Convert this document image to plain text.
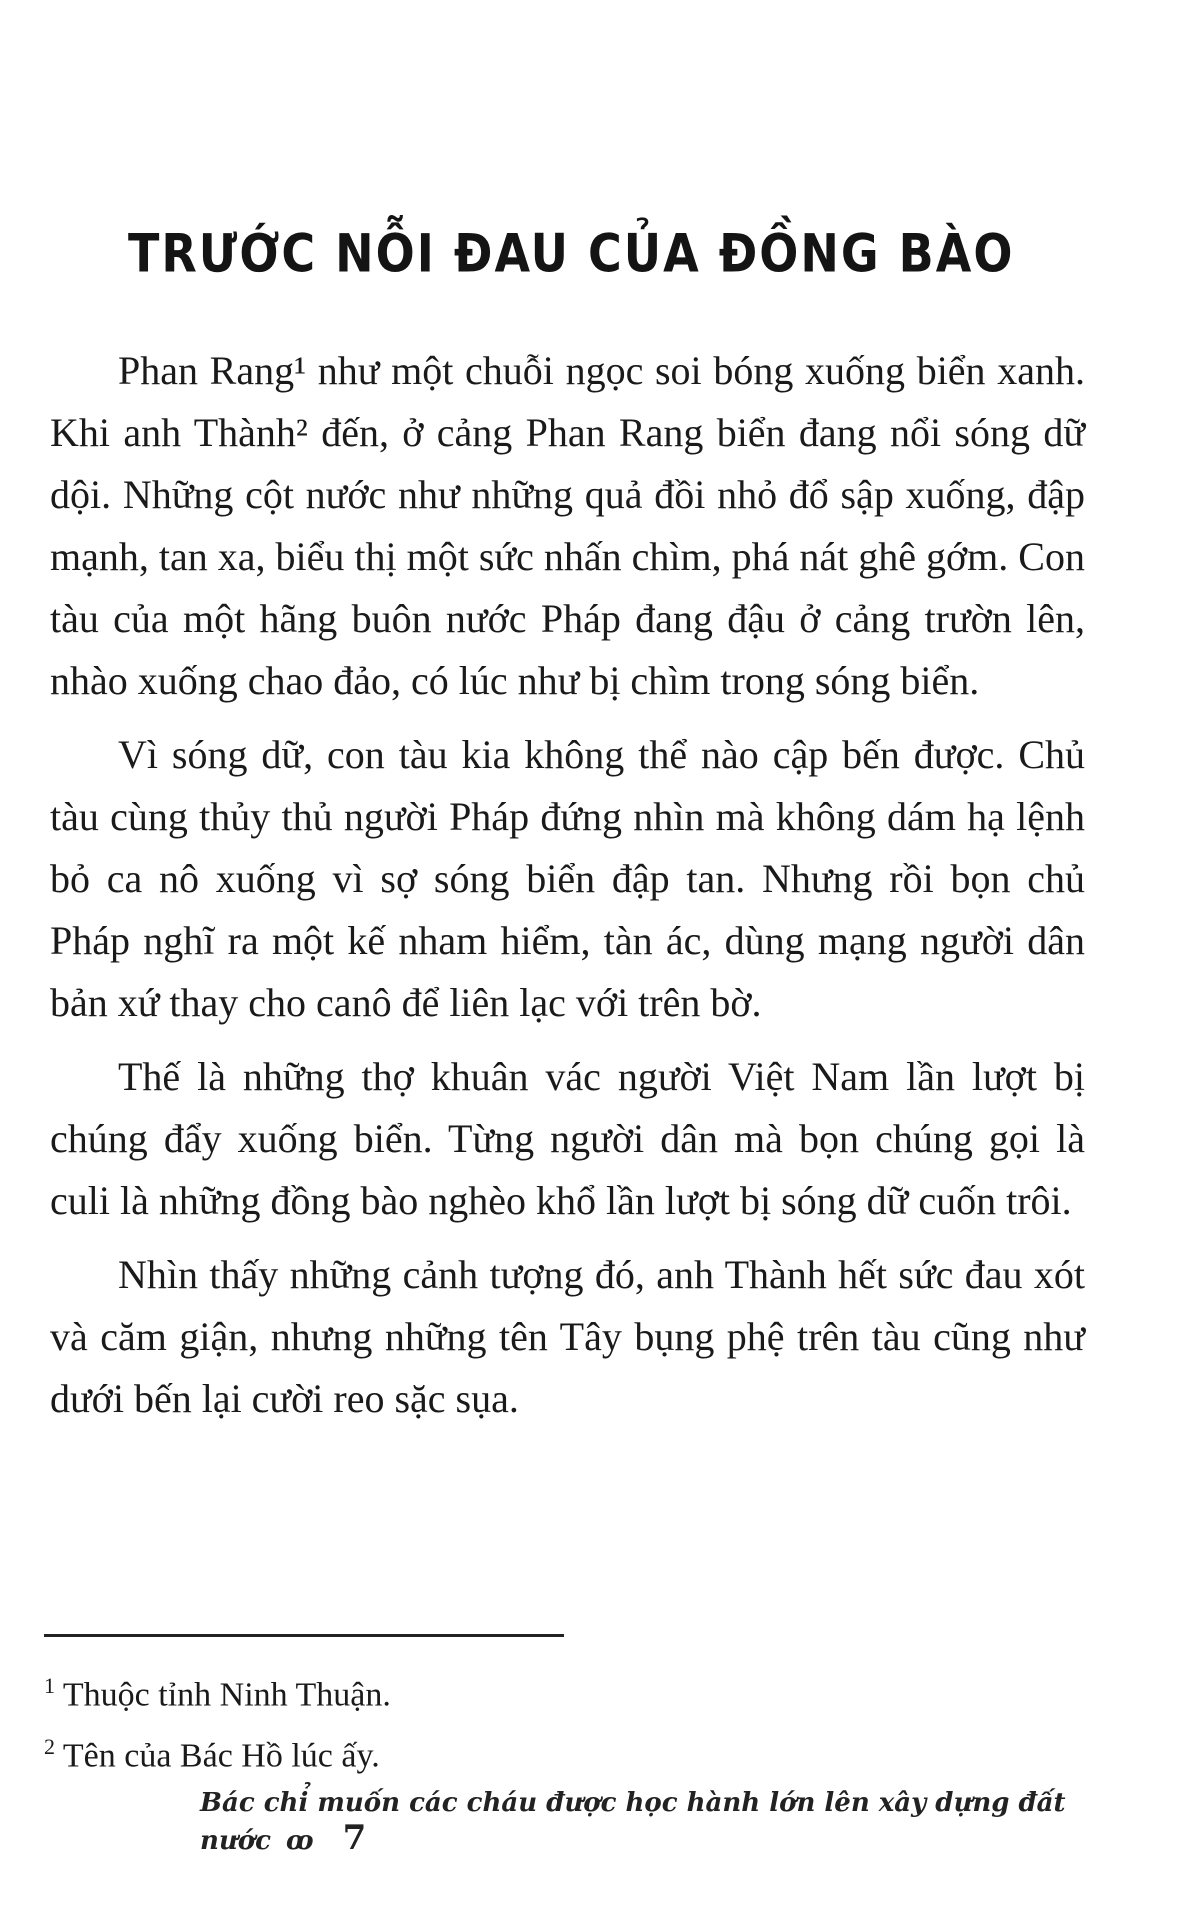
TRƯỚC NỖI ĐAU CỦA ĐỒNG BÀO

Phan Rang¹ như một chuỗi ngọc soi bóng xuống biển xanh. Khi anh Thành² đến, ở cảng Phan Rang biển đang nổi sóng dữ dội. Những cột nước như những quả đồi nhỏ đổ sập xuống, đập mạnh, tan xa, biểu thị một sức nhấn chìm, phá nát ghê gớm. Con tàu của một hãng buôn nước Pháp đang đậu ở cảng trườn lên, nhào xuống chao đảo, có lúc như bị chìm trong sóng biển.

Vì sóng dữ, con tàu kia không thể nào cập bến được. Chủ tàu cùng thủy thủ người Pháp đứng nhìn mà không dám hạ lệnh bỏ ca nô xuống vì sợ sóng biển đập tan. Nhưng rồi bọn chủ Pháp nghĩ ra một kế nham hiểm, tàn ác, dùng mạng người dân bản xứ thay cho canô để liên lạc với trên bờ.

Thế là những thợ khuân vác người Việt Nam lần lượt bị chúng đẩy xuống biển. Từng người dân mà bọn chúng gọi là culi là những đồng bào nghèo khổ lần lượt bị sóng dữ cuốn trôi.

Nhìn thấy những cảnh tượng đó, anh Thành hết sức đau xót và căm giận, nhưng những tên Tây bụng phệ trên tàu cũng như dưới bến lại cười reo sặc sụa.

$^1$ Thuộc tỉnh Ninh Thuận.

$^2$ Tên của Bác Hồ lúc ấy.

Bác chỉ muốn các cháu được học hành lớn lên xây dựng đất nước ꝏ 7
